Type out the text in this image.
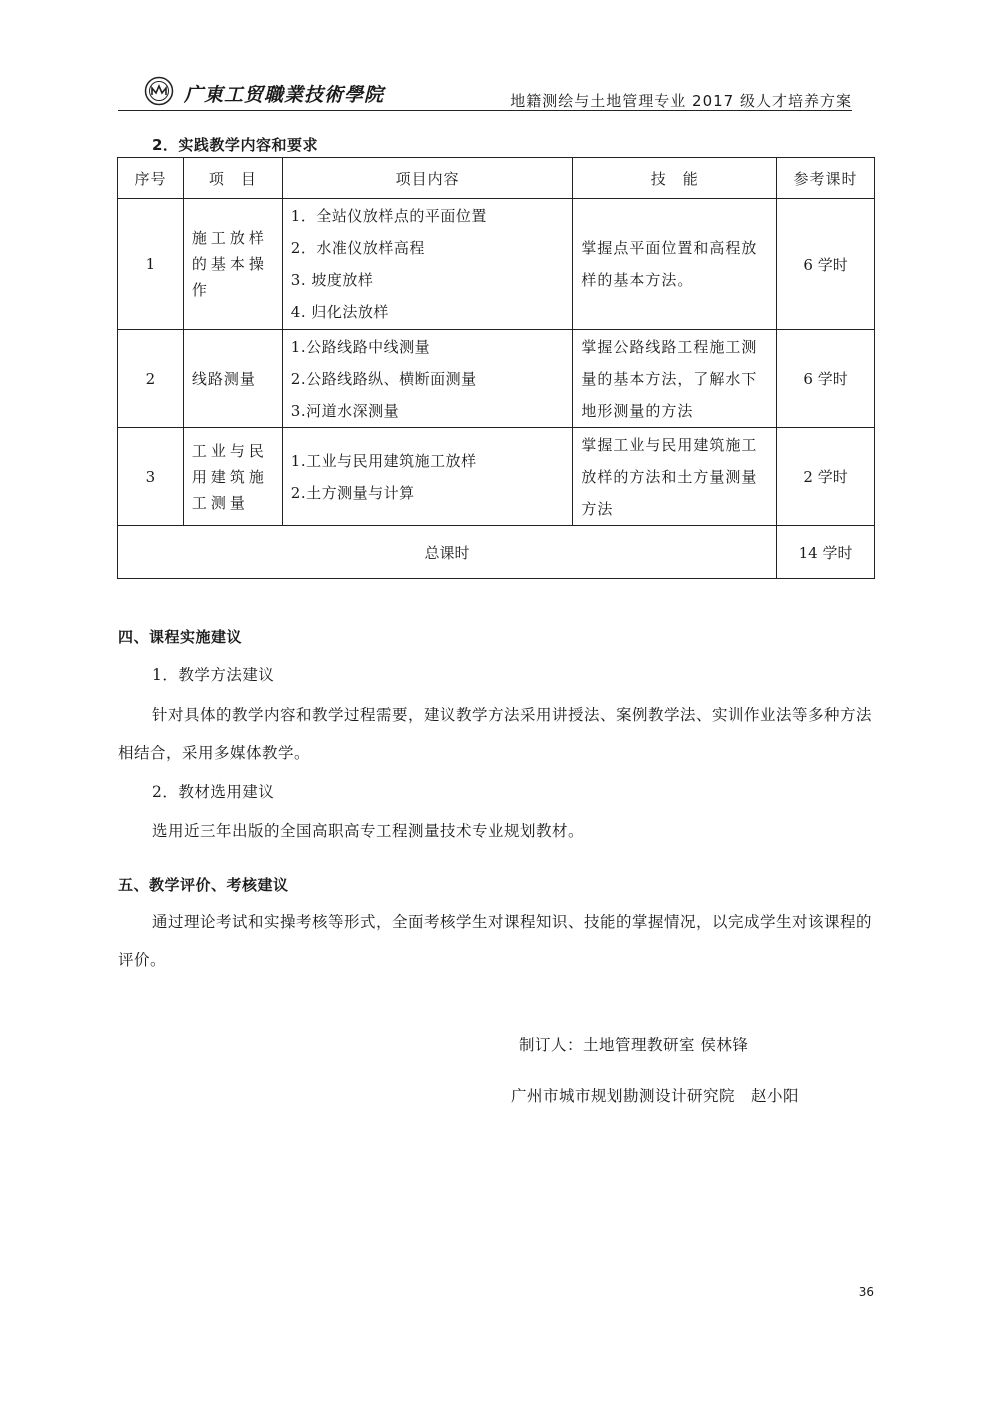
广東工贸職業技術學院	地籍测绘与土地管理专业 2017 级人才培养方案
2．实践教学内容和要求
序号	项　目	项目内容	技　能	参考课时
1	施工放样的基本操作	1．全站仪放样点的平面位置
2．水准仪放样高程
3. 坡度放样
4. 归化法放样	掌握点平面位置和高程放样的基本方法。	6 学时
2	线路测量	1.公路线路中线测量
2.公路线路纵、横断面测量
3.河道水深测量	掌握公路线路工程施工测量的基本方法，了解水下地形测量的方法	6 学时
3	工业与民用建筑施工测量	1.工业与民用建筑施工放样
2.土方测量与计算	掌握工业与民用建筑施工放样的方法和土方量测量方法	2 学时
总课时				14 学时
四、课程实施建议
1．教学方法建议
针对具体的教学内容和教学过程需要，建议教学方法采用讲授法、案例教学法、实训作业法等多种方法相结合，采用多媒体教学。
2．教材选用建议
选用近三年出版的全国高职高专工程测量技术专业规划教材。
五、教学评价、考核建议
通过理论考试和实操考核等形式，全面考核学生对课程知识、技能的掌握情况，以完成学生对该课程的评价。
制订人：土地管理教研室 侯林锋
广州市城市规划勘测设计研究院　赵小阳
36
